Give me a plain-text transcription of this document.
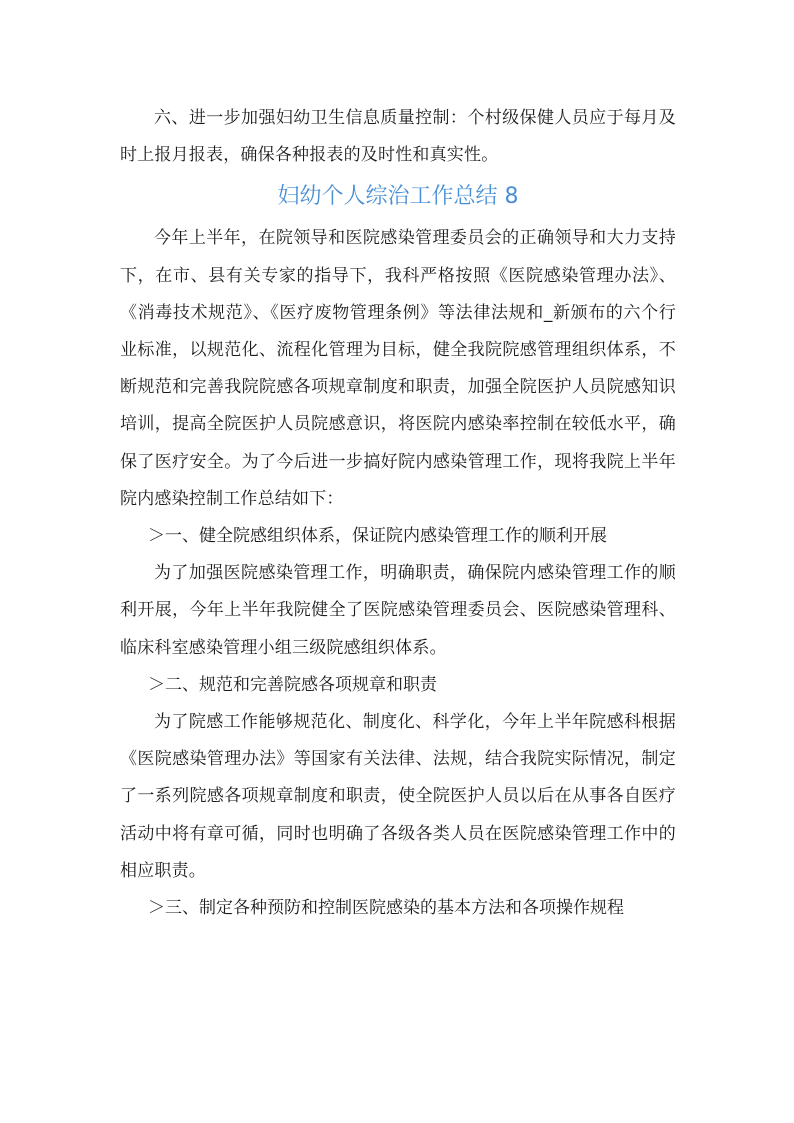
六、进一步加强妇幼卫生信息质量控制：个村级保健人员应于每月及时上报月报表，确保各种报表的及时性和真实性。

妇幼个人综治工作总结 8

今年上半年，在院领导和医院感染管理委员会的正确领导和大力支持下，在市、县有关专家的指导下，我科严格按照《医院感染管理办法》、《消毒技术规范》、《医疗废物管理条例》等法律法规和_新颁布的六个行业标准，以规范化、流程化管理为目标，健全我院院感管理组织体系，不断规范和完善我院院感各项规章制度和职责，加强全院医护人员院感知识培训，提高全院医护人员院感意识，将医院内感染率控制在较低水平，确保了医疗安全。为了今后进一步搞好院内感染管理工作，现将我院上半年院内感染控制工作总结如下：

＞一、健全院感组织体系，保证院内感染管理工作的顺利开展

为了加强医院感染管理工作，明确职责，确保院内感染管理工作的顺利开展，今年上半年我院健全了医院感染管理委员会、医院感染管理科、临床科室感染管理小组三级院感组织体系。

＞二、规范和完善院感各项规章和职责

为了院感工作能够规范化、制度化、科学化，今年上半年院感科根据《医院感染管理办法》等国家有关法律、法规，结合我院实际情况，制定了一系列院感各项规章制度和职责，使全院医护人员以后在从事各自医疗活动中将有章可循，同时也明确了各级各类人员在医院感染管理工作中的相应职责。

＞三、制定各种预防和控制医院感染的基本方法和各项操作规程
